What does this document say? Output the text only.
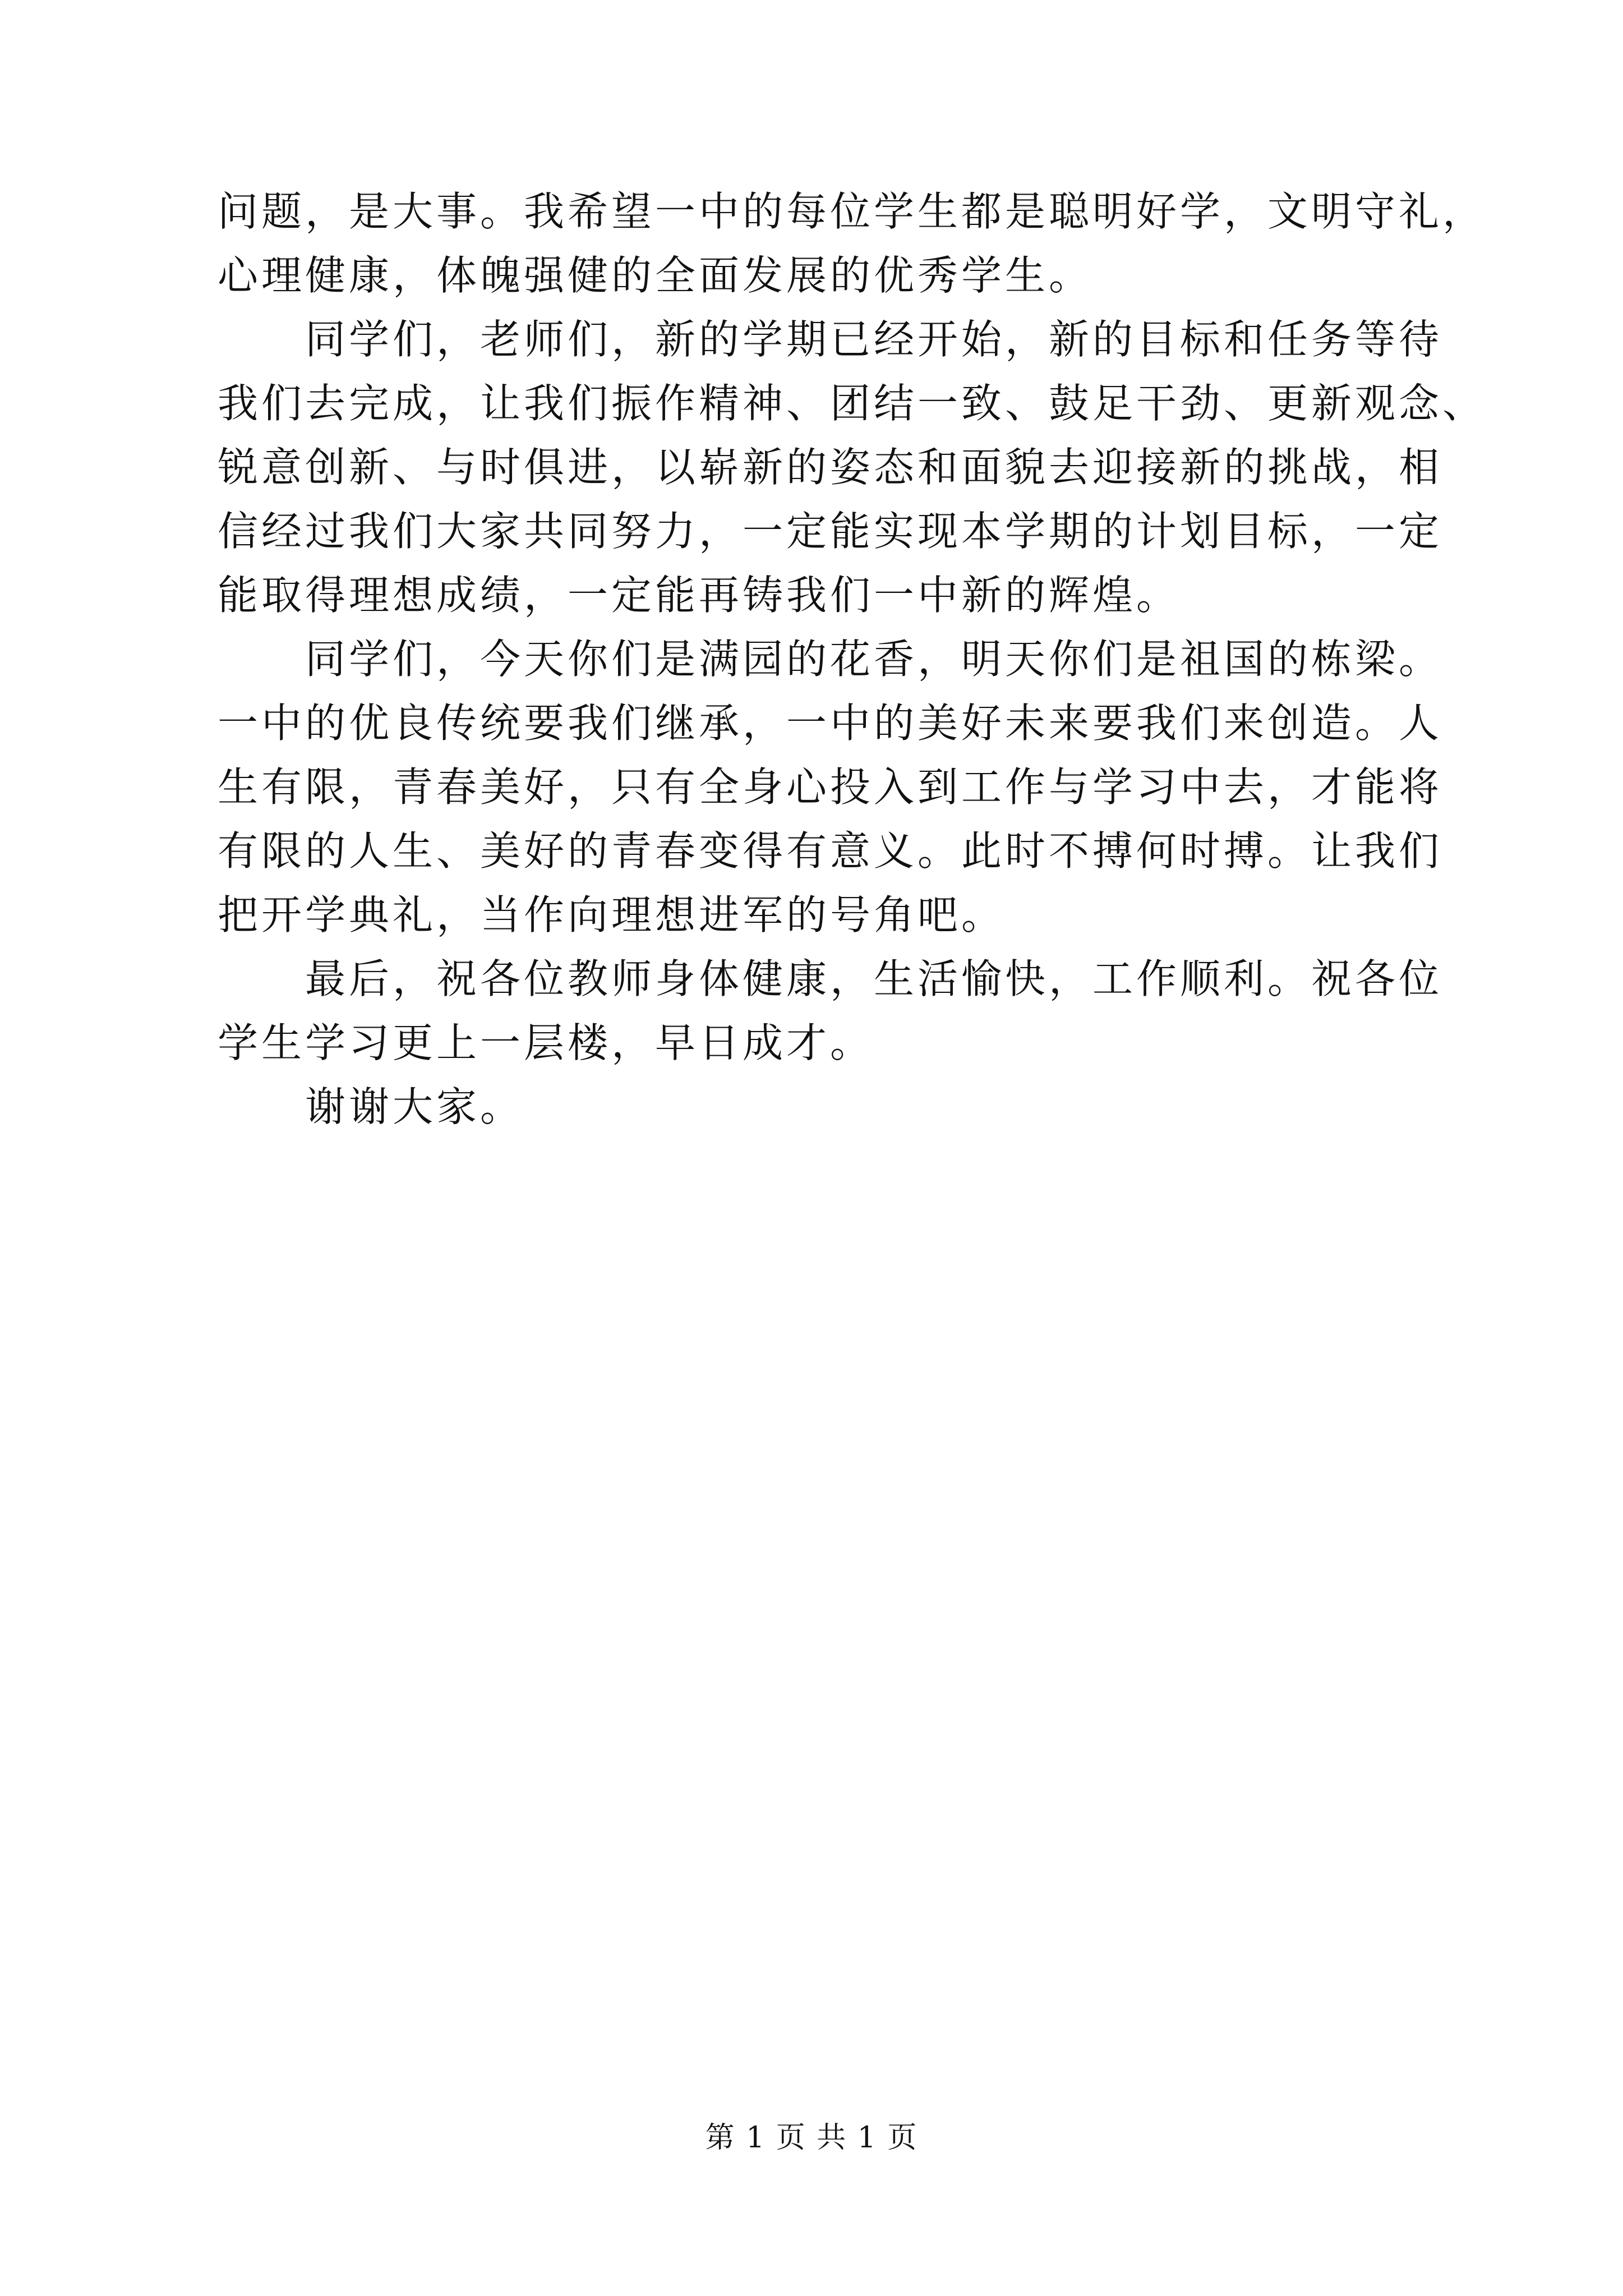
问题，是大事。我希望一中的每位学生都是聪明好学，文明守礼，
心理健康，体魄强健的全面发展的优秀学生。
　　同学们，老师们，新的学期已经开始，新的目标和任务等待
我们去完成，让我们振作精神、团结一致、鼓足干劲、更新观念、
锐意创新、与时俱进，以崭新的姿态和面貌去迎接新的挑战，相
信经过我们大家共同努力，一定能实现本学期的计划目标，一定
能取得理想成绩，一定能再铸我们一中新的辉煌。
　　同学们，今天你们是满园的花香，明天你们是祖国的栋梁。
一中的优良传统要我们继承，一中的美好未来要我们来创造。人
生有限，青春美好，只有全身心投入到工作与学习中去，才能将
有限的人生、美好的青春变得有意义。此时不搏何时搏。让我们
把开学典礼，当作向理想进军的号角吧。
　　最后，祝各位教师身体健康，生活愉快，工作顺利。祝各位
学生学习更上一层楼，早日成才。
　　谢谢大家。
第 1 页 共 1 页
